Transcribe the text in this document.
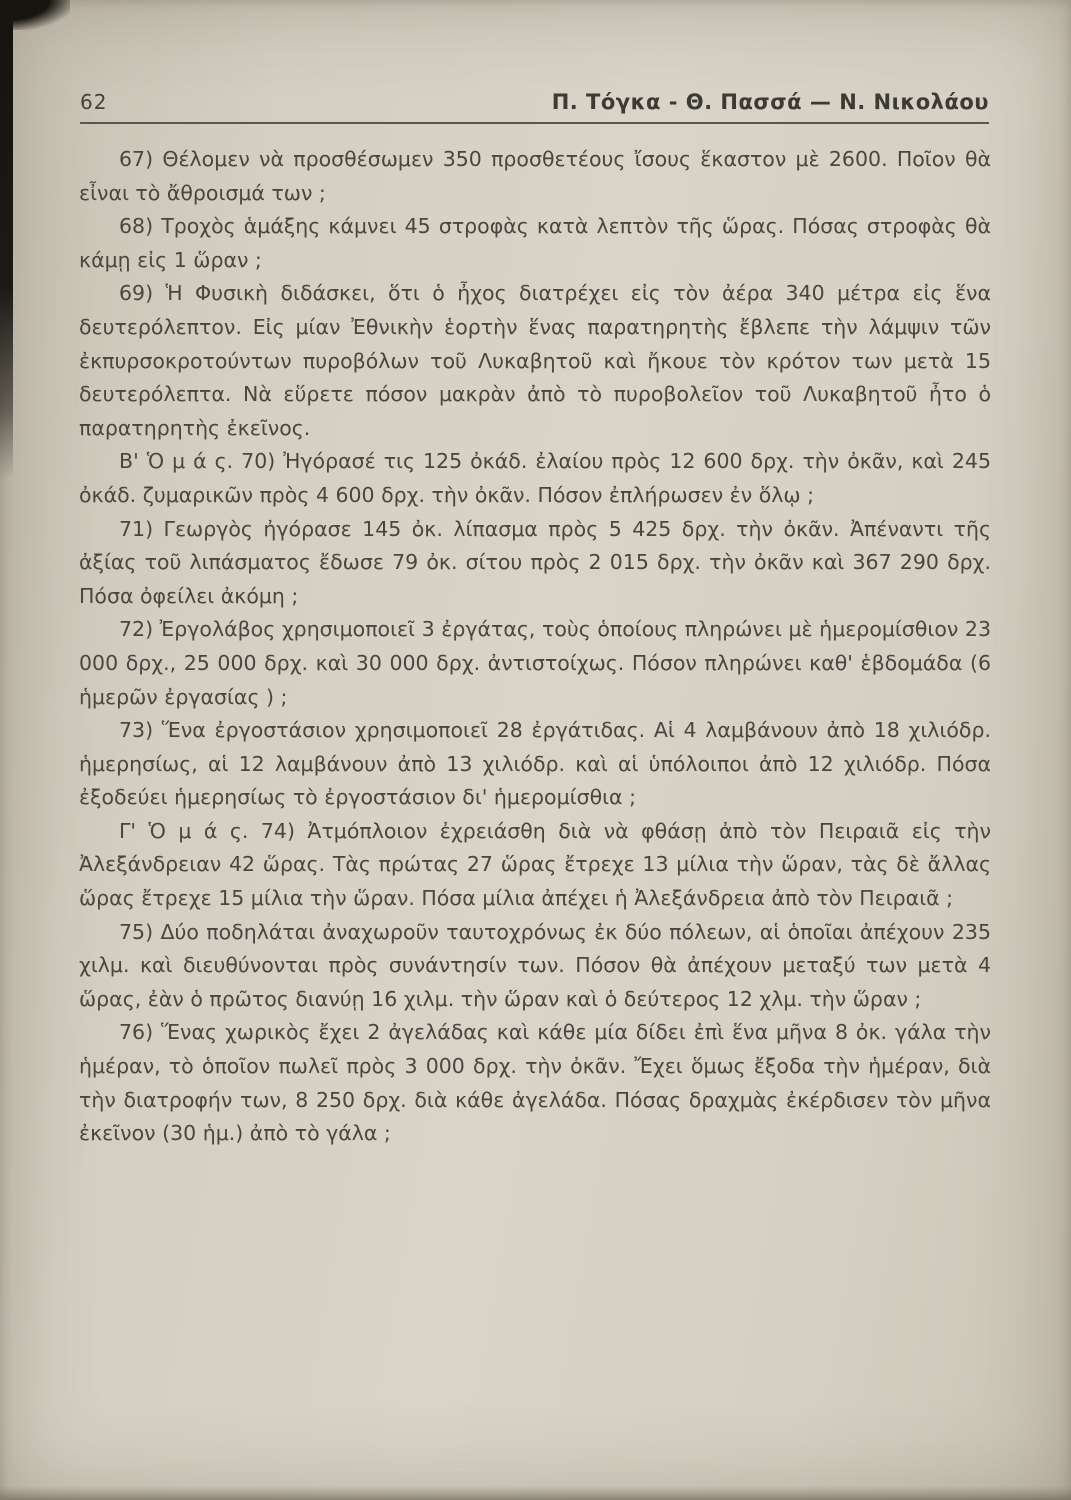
62	Π. Τόγκα - Θ. Πασσά — Ν. Νικολάου

67) Θέλομεν νὰ προσθέσωμεν 350 προσθετέους ἴσους ἕκαστον μὲ 2600. Ποῖον θὰ εἶναι τὸ ἄθροισμά των ;

68) Τροχὸς ἁμάξης κάμνει 45 στροφὰς κατὰ λεπτὸν τῆς ὥρας. Πόσας στροφὰς θὰ κάμῃ εἰς 1 ὥραν ;

69) Ἡ Φυσικὴ διδάσκει, ὅτι ὁ ἦχος διατρέχει εἰς τὸν ἀέρα 340 μέτρα εἰς ἕνα δευτερόλεπτον. Εἰς μίαν Ἐθνικὴν ἑορτὴν ἕνας παρατηρητὴς ἔβλεπε τὴν λάμψιν τῶν ἐκπυρσοκροτούντων πυροβόλων τοῦ Λυκαβητοῦ καὶ ἤκουε τὸν κρότον των μετὰ 15 δευτερόλεπτα. Νὰ εὕρετε πόσον μακρὰν ἀπὸ τὸ πυροβολεῖον τοῦ Λυκαβητοῦ ἦτο ὁ παρατηρητὴς ἐκεῖνος.

Β' Ὁ μ ά ς. 70) Ἠγόρασέ τις 125 ὀκάδ. ἐλαίου πρὸς 12 600 δρχ. τὴν ὀκᾶν, καὶ 245 ὀκάδ. ζυμαρικῶν πρὸς 4 600 δρχ. τὴν ὀκᾶν. Πόσον ἐπλήρωσεν ἐν ὅλῳ ;

71) Γεωργὸς ἠγόρασε 145 ὀκ. λίπασμα πρὸς 5 425 δρχ. τὴν ὀκᾶν. Ἀπέναντι τῆς ἀξίας τοῦ λιπάσματος ἔδωσε 79 ὀκ. σίτου πρὸς 2 015 δρχ. τὴν ὀκᾶν καὶ 367 290 δρχ. Πόσα ὀφείλει ἀκόμη ;

72) Ἐργολάβος χρησιμοποιεῖ 3 ἐργάτας, τοὺς ὁποίους πληρώνει μὲ ἡμερομίσθιον 23 000 δρχ., 25 000 δρχ. καὶ 30 000 δρχ. ἀντιστοίχως. Πόσον πληρώνει καθ' ἑβδομάδα (6 ἡμερῶν ἐργασίας ) ;

73) Ἕνα ἐργοστάσιον χρησιμοποιεῖ 28 ἐργάτιδας. Αἱ 4 λαμβάνουν ἀπὸ 18 χιλιόδρ. ἡμερησίως, αἱ 12 λαμβάνουν ἀπὸ 13 χιλιόδρ. καὶ αἱ ὑπόλοιποι ἀπὸ 12 χιλιόδρ. Πόσα ἐξοδεύει ἡμερησίως τὸ ἐργοστάσιον δι' ἡμερομίσθια ;

Γ' Ὁ μ ά ς. 74) Ἀτμόπλοιον ἐχρειάσθη διὰ νὰ φθάσῃ ἀπὸ τὸν Πειραιᾶ εἰς τὴν Ἀλεξάνδρειαν 42 ὥρας. Τὰς πρώτας 27 ὥρας ἔτρεχε 13 μίλια τὴν ὥραν, τὰς δὲ ἄλλας ὥρας ἔτρεχε 15 μίλια τὴν ὥραν. Πόσα μίλια ἀπέχει ἡ Ἀλεξάνδρεια ἀπὸ τὸν Πειραιᾶ ;

75) Δύο ποδηλάται ἀναχωροῦν ταυτοχρόνως ἐκ δύο πόλεων, αἱ ὁποῖαι ἀπέχουν 235 χιλμ. καὶ διευθύνονται πρὸς συνάντησίν των. Πόσον θὰ ἀπέχουν μεταξύ των μετὰ 4 ὥρας, ἐὰν ὁ πρῶτος διανύῃ 16 χιλμ. τὴν ὥραν καὶ ὁ δεύτερος 12 χλμ. τὴν ὥραν ;

76) Ἕνας χωρικὸς ἔχει 2 ἀγελάδας καὶ κάθε μία δίδει ἐπὶ ἕνα μῆνα 8 ὀκ. γάλα τὴν ἡμέραν, τὸ ὁποῖον πωλεῖ πρὸς 3 000 δρχ. τὴν ὀκᾶν. Ἔχει ὅμως ἔξοδα τὴν ἡμέραν, διὰ τὴν διατροφήν των, 8 250 δρχ. διὰ κάθε ἀγελάδα. Πόσας δραχμὰς ἐκέρδισεν τὸν μῆνα ἐκεῖνον (30 ἡμ.) ἀπὸ τὸ γάλα ;
